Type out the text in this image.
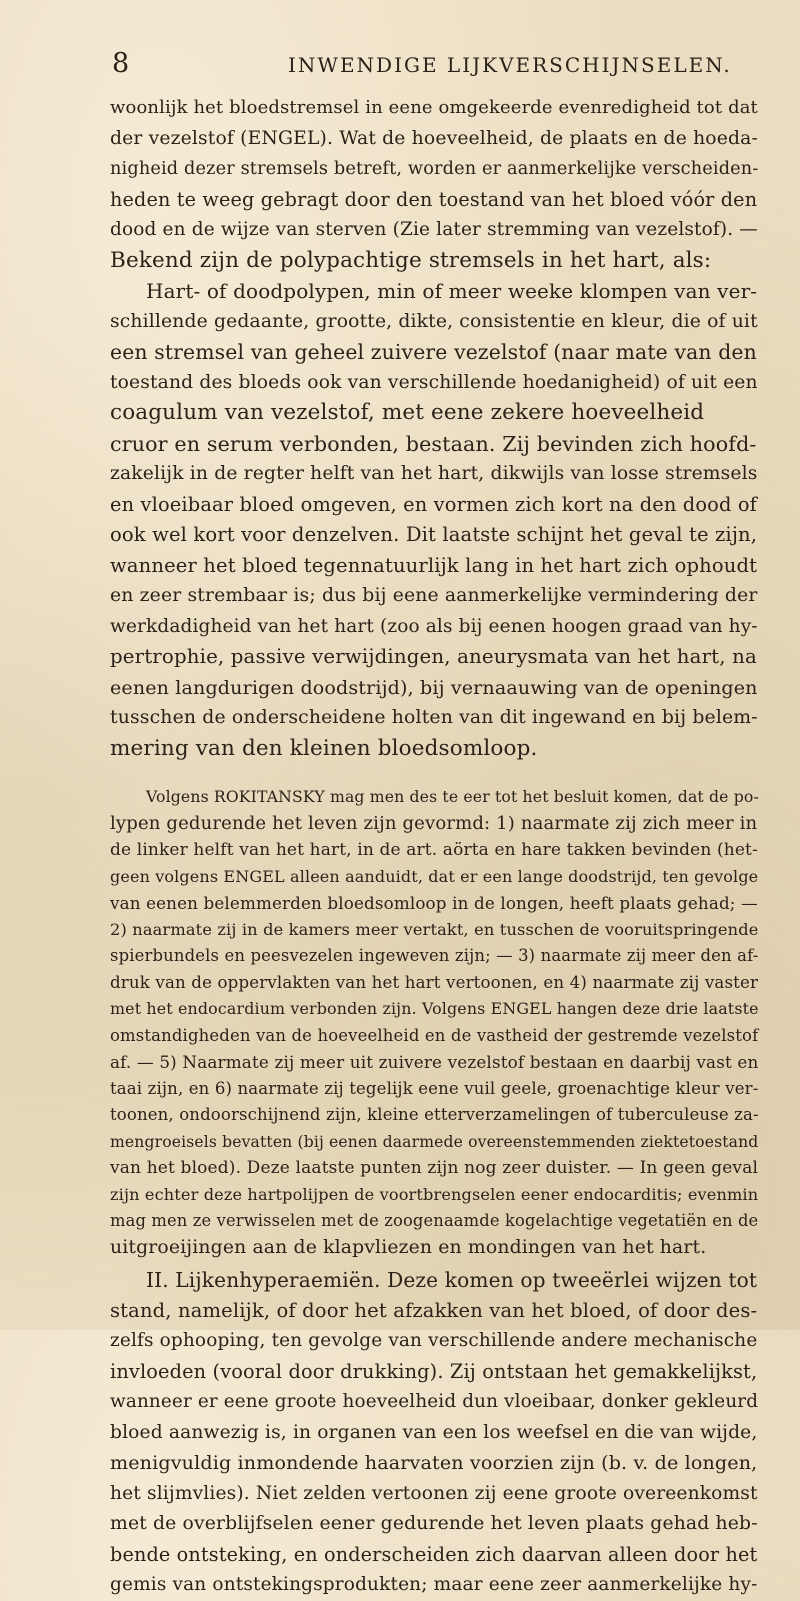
8	INWENDIGE LIJKVERSCHIJNSELEN.
woonlijk het bloedstremsel in eene omgekeerde evenredigheid tot dat
der vezelstof (ENGEL). Wat de hoeveelheid, de plaats en de hoeda-
nigheid dezer stremsels betreft, worden er aanmerkelijke verscheiden-
heden te weeg gebragt door den toestand van het bloed vóór den
dood en de wijze van sterven (Zie later stremming van vezelstof). —
Bekend zijn de polypachtige stremsels in het hart, als:
Hart- of doodpolypen, min of meer weeke klompen van ver-
schillende gedaante, grootte, dikte, consistentie en kleur, die of uit
een stremsel van geheel zuivere vezelstof (naar mate van den
toestand des bloeds ook van verschillende hoedanigheid) of uit een
coagulum van vezelstof, met eene zekere hoeveelheid
cruor en serum verbonden, bestaan. Zij bevinden zich hoofd-
zakelijk in de regter helft van het hart, dikwijls van losse stremsels
en vloeibaar bloed omgeven, en vormen zich kort na den dood of
ook wel kort voor denzelven. Dit laatste schijnt het geval te zijn,
wanneer het bloed tegennatuurlijk lang in het hart zich ophoudt
en zeer strembaar is; dus bij eene aanmerkelijke vermindering der
werkdadigheid van het hart (zoo als bij eenen hoogen graad van hy-
pertrophie, passive verwijdingen, aneurysmata van het hart, na
eenen langdurigen doodstrijd), bij vernaauwing van de openingen
tusschen de onderscheidene holten van dit ingewand en bij belem-
mering van den kleinen bloedsomloop.
Volgens ROKITANSKY mag men des te eer tot het besluit komen, dat de po-
lypen gedurende het leven zijn gevormd: 1) naarmate zij zich meer in
de linker helft van het hart, in de art. aörta en hare takken bevinden (het-
geen volgens ENGEL alleen aanduidt, dat er een lange doodstrijd, ten gevolge
van eenen belemmerden bloedsomloop in de longen, heeft plaats gehad; —
2) naarmate zij in de kamers meer vertakt, en tusschen de vooruitspringende
spierbundels en peesvezelen ingeweven zijn; — 3) naarmate zij meer den af-
druk van de oppervlakten van het hart vertoonen, en 4) naarmate zij vaster
met het endocardium verbonden zijn. Volgens ENGEL hangen deze drie laatste
omstandigheden van de hoeveelheid en de vastheid der gestremde vezelstof
af. — 5) Naarmate zij meer uit zuivere vezelstof bestaan en daarbij vast en
taai zijn, en 6) naarmate zij tegelijk eene vuil geele, groenachtige kleur ver-
toonen, ondoorschijnend zijn, kleine etterverzamelingen of tuberculeuse za-
mengroeisels bevatten (bij eenen daarmede overeenstemmenden ziektetoestand
van het bloed). Deze laatste punten zijn nog zeer duister. — In geen geval
zijn echter deze hartpolijpen de voortbrengselen eener endocarditis; evenmin
mag men ze verwisselen met de zoogenaamde kogelachtige vegetatiën en de
uitgroeijingen aan de klapvliezen en mondingen van het hart.
II. Lijkenhyperaemiën. Deze komen op tweeërlei wijzen tot
stand, namelijk, of door het afzakken van het bloed, of door des-
zelfs ophooping, ten gevolge van verschillende andere mechanische
invloeden (vooral door drukking). Zij ontstaan het gemakkelijkst,
wanneer er eene groote hoeveelheid dun vloeibaar, donker gekleurd
bloed aanwezig is, in organen van een los weefsel en die van wijde,
menigvuldig inmondende haarvaten voorzien zijn (b. v. de longen,
het slijmvlies). Niet zelden vertoonen zij eene groote overeenkomst
met de overblijfselen eener gedurende het leven plaats gehad heb-
bende ontsteking, en onderscheiden zich daarvan alleen door het
gemis van ontstekingsprodukten; maar eene zeer aanmerkelijke hy-
